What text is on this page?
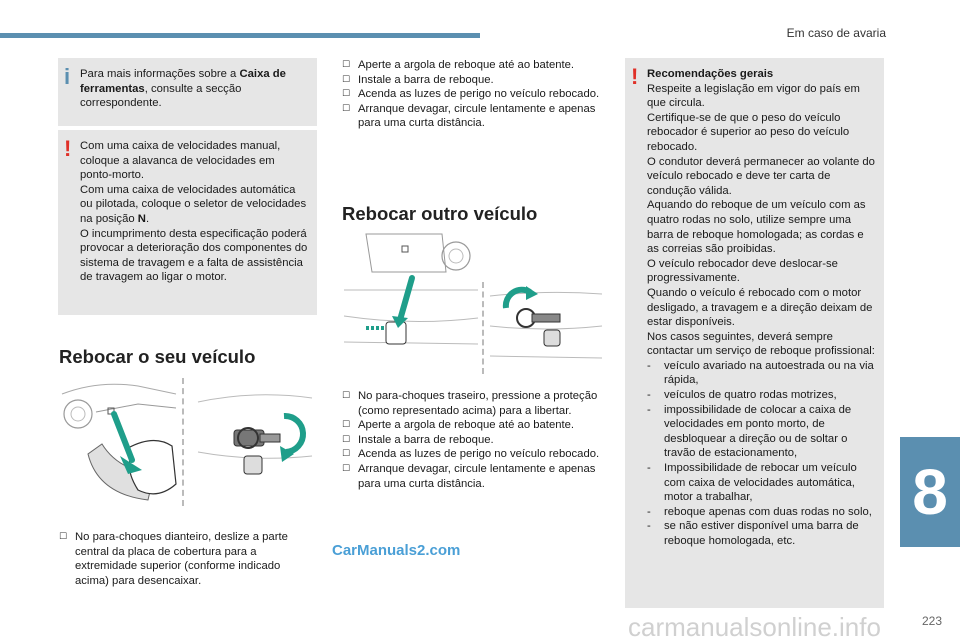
Em caso de avaria
8
223
i Para mais informações sobre a Caixa de ferramentas, consulte a secção correspondente.
! Com uma caixa de velocidades manual, coloque a alavanca de velocidades em ponto-morto.
Com uma caixa de velocidades automática ou pilotada, coloque o seletor de velocidades na posição N.
O incumprimento desta especificação poderá provocar a deterioração dos componentes do sistema de travagem e a falta de assistência de travagem ao ligar o motor.
Rebocar o seu veículo
☐ No para-choques dianteiro, deslize a parte central da placa de cobertura para a extremidade superior (conforme indicado acima) para desencaixar.
☐ Aperte a argola de reboque até ao batente.
☐ Instale a barra de reboque.
☐ Acenda as luzes de perigo no veículo rebocado.
☐ Arranque devagar, circule lentamente e apenas para uma curta distância.
Rebocar outro veículo
☐ No para-choques traseiro, pressione a proteção (como representado acima) para a libertar.
☐ Aperte a argola de reboque até ao batente.
☐ Instale a barra de reboque.
☐ Acenda as luzes de perigo no veículo rebocado.
☐ Arranque devagar, circule lentamente e apenas para uma curta distância.
! Recomendações gerais
Respeite a legislação em vigor do país em que circula.
Certifique-se de que o peso do veículo rebocador é superior ao peso do veículo rebocado.
O condutor deverá permanecer ao volante do veículo rebocado e deve ter carta de condução válida.
Aquando do reboque de um veículo com as quatro rodas no solo, utilize sempre uma barra de reboque homologada; as cordas e as correias são proibidas.
O veículo rebocador deve deslocar-se progressivamente.
Quando o veículo é rebocado com o motor desligado, a travagem e a direção deixam de estar disponíveis.
Nos casos seguintes, deverá sempre contactar um serviço de reboque profissional:
- veículo avariado na autoestrada ou na via rápida,
- veículos de quatro rodas motrizes,
- impossibilidade de colocar a caixa de velocidades em ponto morto, de desbloquear a direção ou de soltar o travão de estacionamento,
- Impossibilidade de rebocar um veículo com caixa de velocidades automática, motor a trabalhar,
- reboque apenas com duas rodas no solo,
- se não estiver disponível uma barra de reboque homologada, etc.
CarManuals2.com
carmanualsonline.info
